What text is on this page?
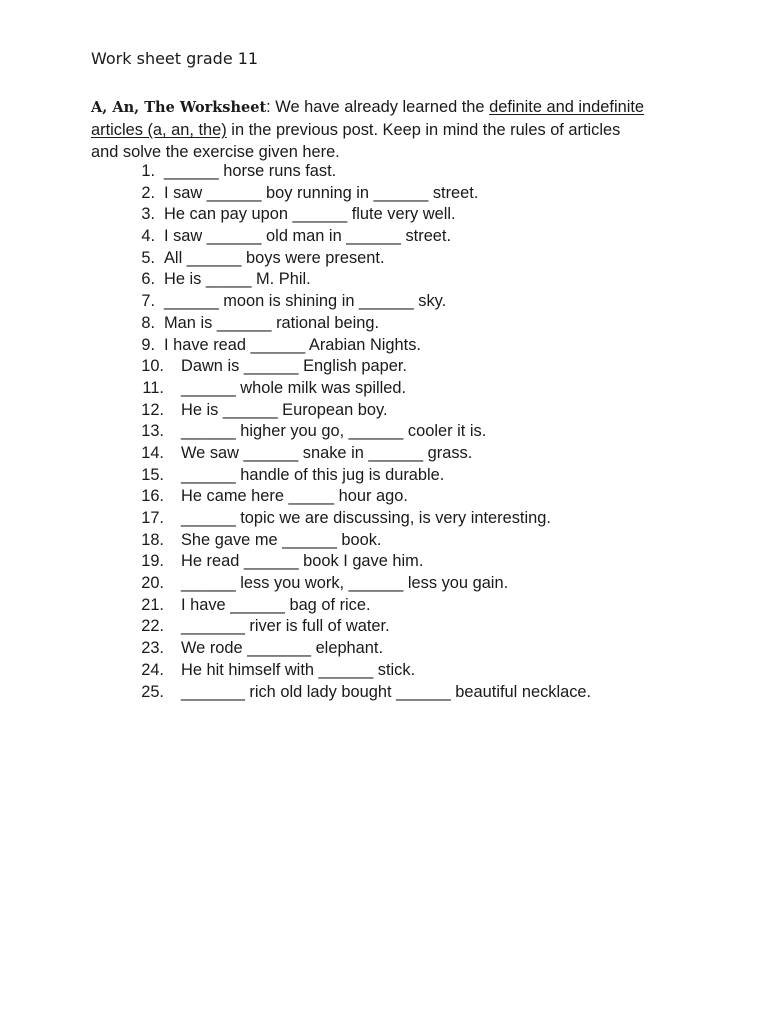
Work sheet grade 11
A, An, The Worksheet: We have already learned the definite and indefinite
articles (a, an, the) in the previous post. Keep in mind the rules of articles
and solve the exercise given here.
1. ______ horse runs fast.
2. I saw ______ boy running in ______ street.
3. He can pay upon ______ flute very well.
4. I saw ______ old man in ______ street.
5. All ______ boys were present.
6. He is _____ M. Phil.
7. ______ moon is shining in ______ sky.
8. Man is ______ rational being.
9. I have read ______ Arabian Nights.
10. Dawn is ______ English paper.
11. ______ whole milk was spilled.
12. He is ______ European boy.
13. ______ higher you go, ______ cooler it is.
14. We saw ______ snake in ______ grass.
15. ______ handle of this jug is durable.
16. He came here _____ hour ago.
17. ______ topic we are discussing, is very interesting.
18. She gave me ______ book.
19. He read ______ book I gave him.
20. ______ less you work, ______ less you gain.
21. I have ______ bag of rice.
22. _______ river is full of water.
23. We rode _______ elephant.
24. He hit himself with ______ stick.
25. _______ rich old lady bought ______ beautiful necklace.
